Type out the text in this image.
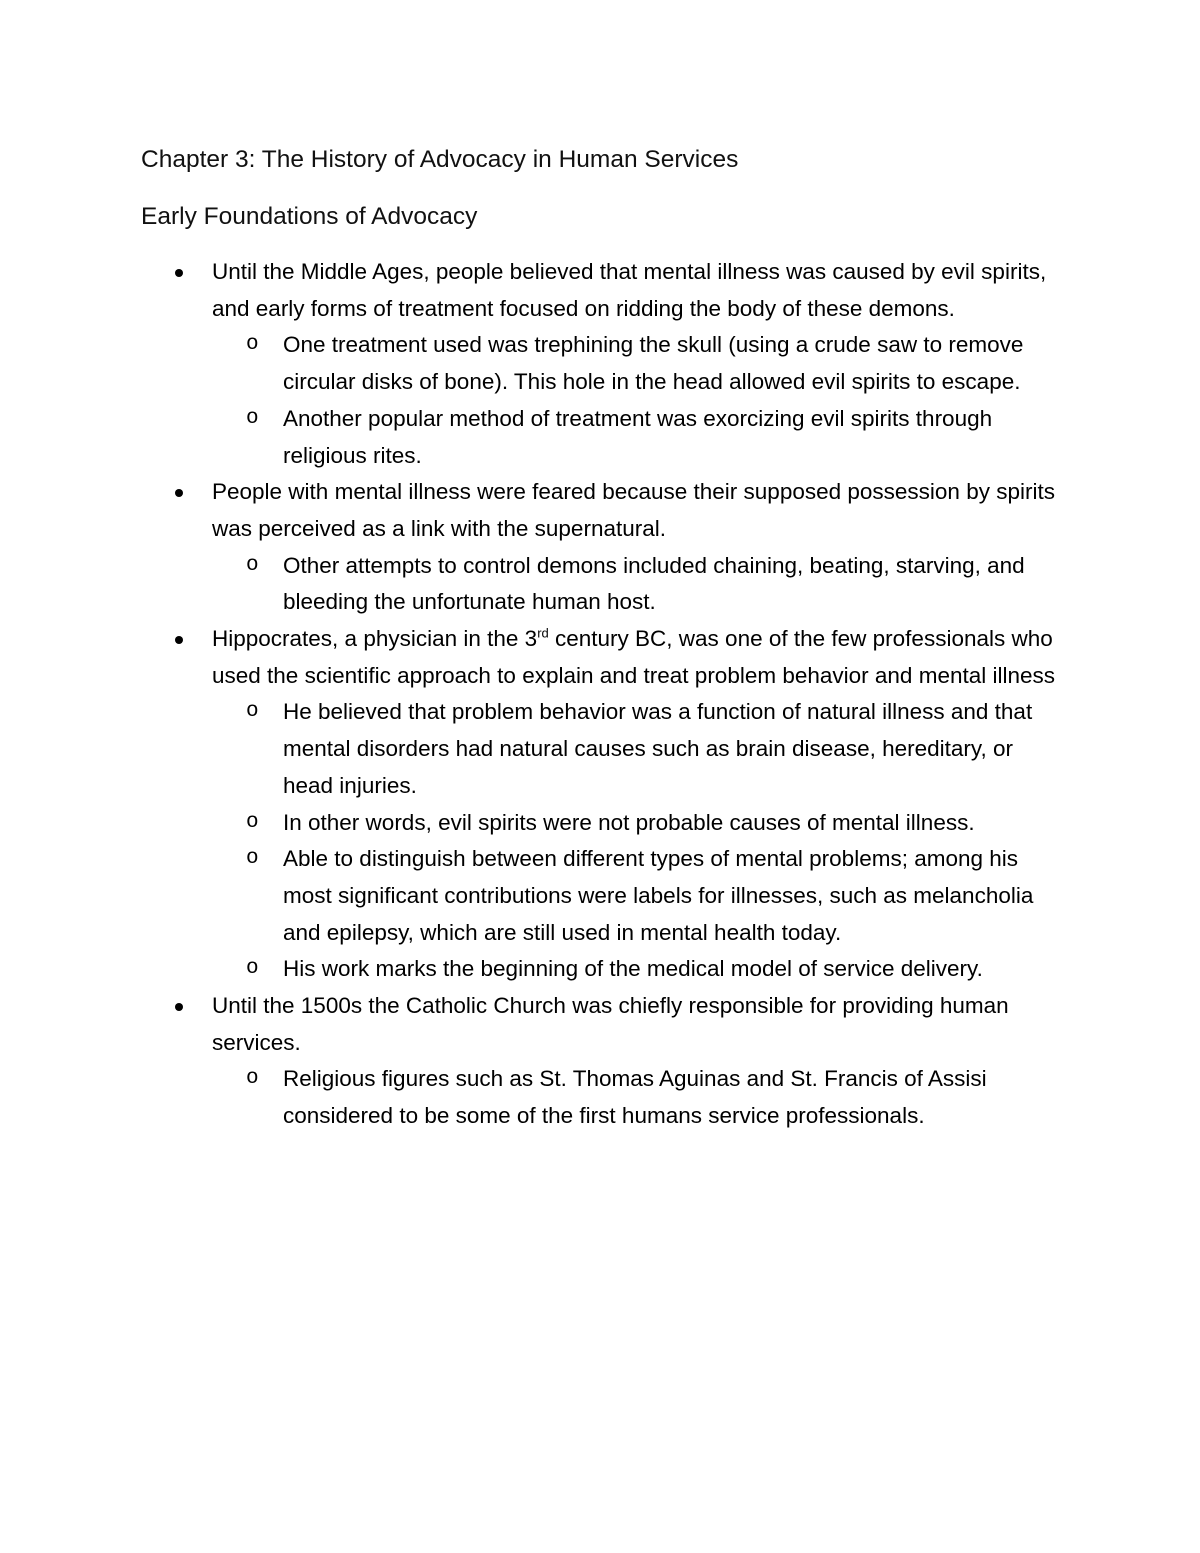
Chapter 3: The History of Advocacy in Human Services
Early Foundations of Advocacy

Until the Middle Ages, people believed that mental illness was caused by evil spirits, and early forms of treatment focused on ridding the body of these demons.

o One treatment used was trephining the skull (using a crude saw to remove circular disks of bone). This hole in the head allowed evil spirits to escape.

o Another popular method of treatment was exorcizing evil spirits through religious rites.

People with mental illness were feared because their supposed possession by spirits was perceived as a link with the supernatural.

o Other attempts to control demons included chaining, beating, starving, and bleeding the unfortunate human host.

Hippocrates, a physician in the 3rd century BC, was one of the few professionals who used the scientific approach to explain and treat problem behavior and mental illness

o He believed that problem behavior was a function of natural illness and that mental disorders had natural causes such as brain disease, hereditary, or head injuries.

o In other words, evil spirits were not probable causes of mental illness.

o Able to distinguish between different types of mental problems; among his most significant contributions were labels for illnesses, such as melancholia and epilepsy, which are still used in mental health today.

o His work marks the beginning of the medical model of service delivery.

Until the 1500s the Catholic Church was chiefly responsible for providing human services.

o Religious figures such as St. Thomas Aguinas and St. Francis of Assisi considered to be some of the first humans service professionals.
